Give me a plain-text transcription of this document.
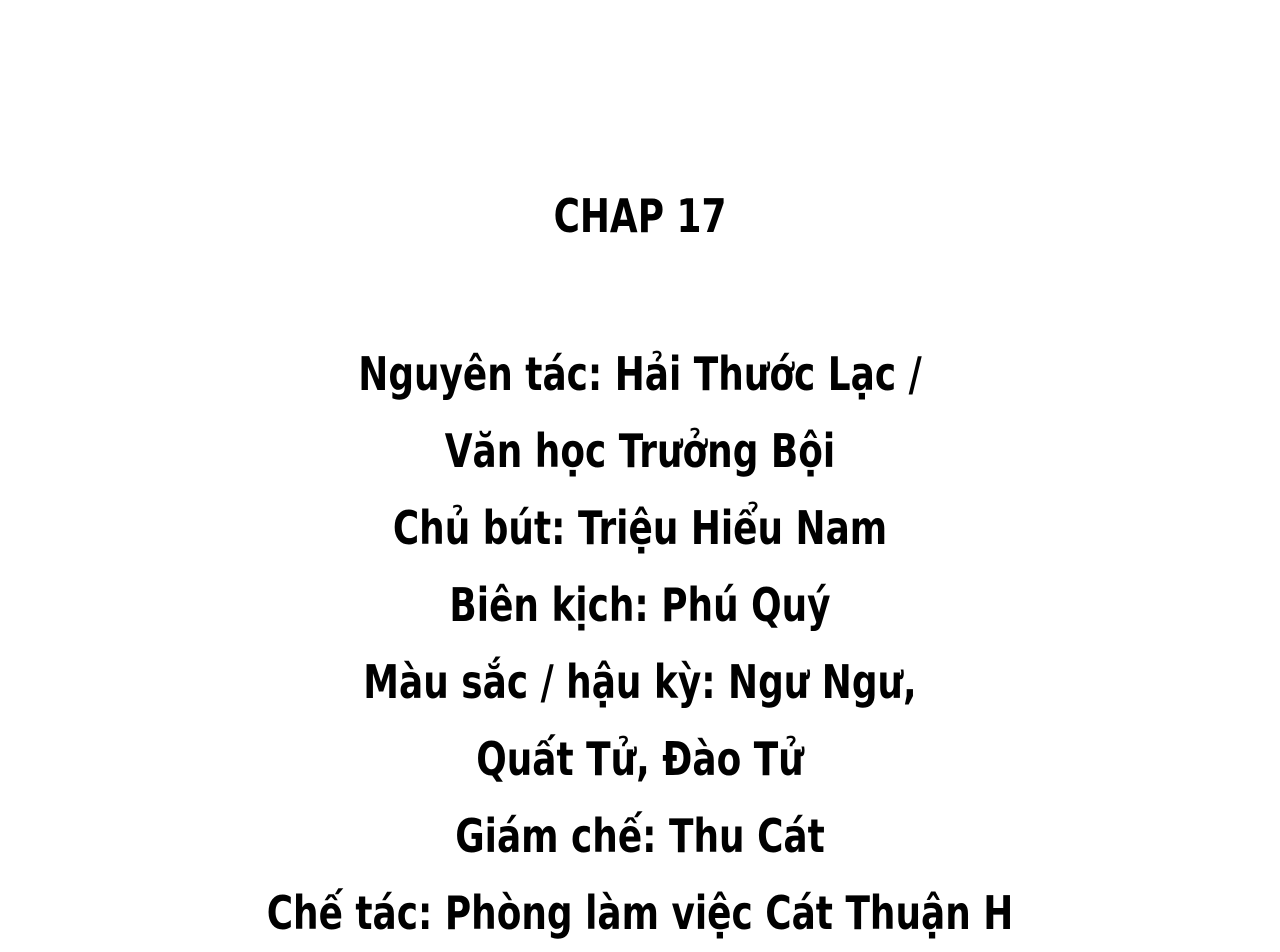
CHAP 17
Nguyên tác: Hải Thước Lạc /
Văn học Trưởng Bội
Chủ bút: Triệu Hiểu Nam
Biên kịch: Phú Quý
Màu sắc / hậu kỳ: Ngư Ngư,
Quất Tử, Đào Tử
Giám chế: Thu Cát
Chế tác: Phòng làm việc Cát Thuận H
